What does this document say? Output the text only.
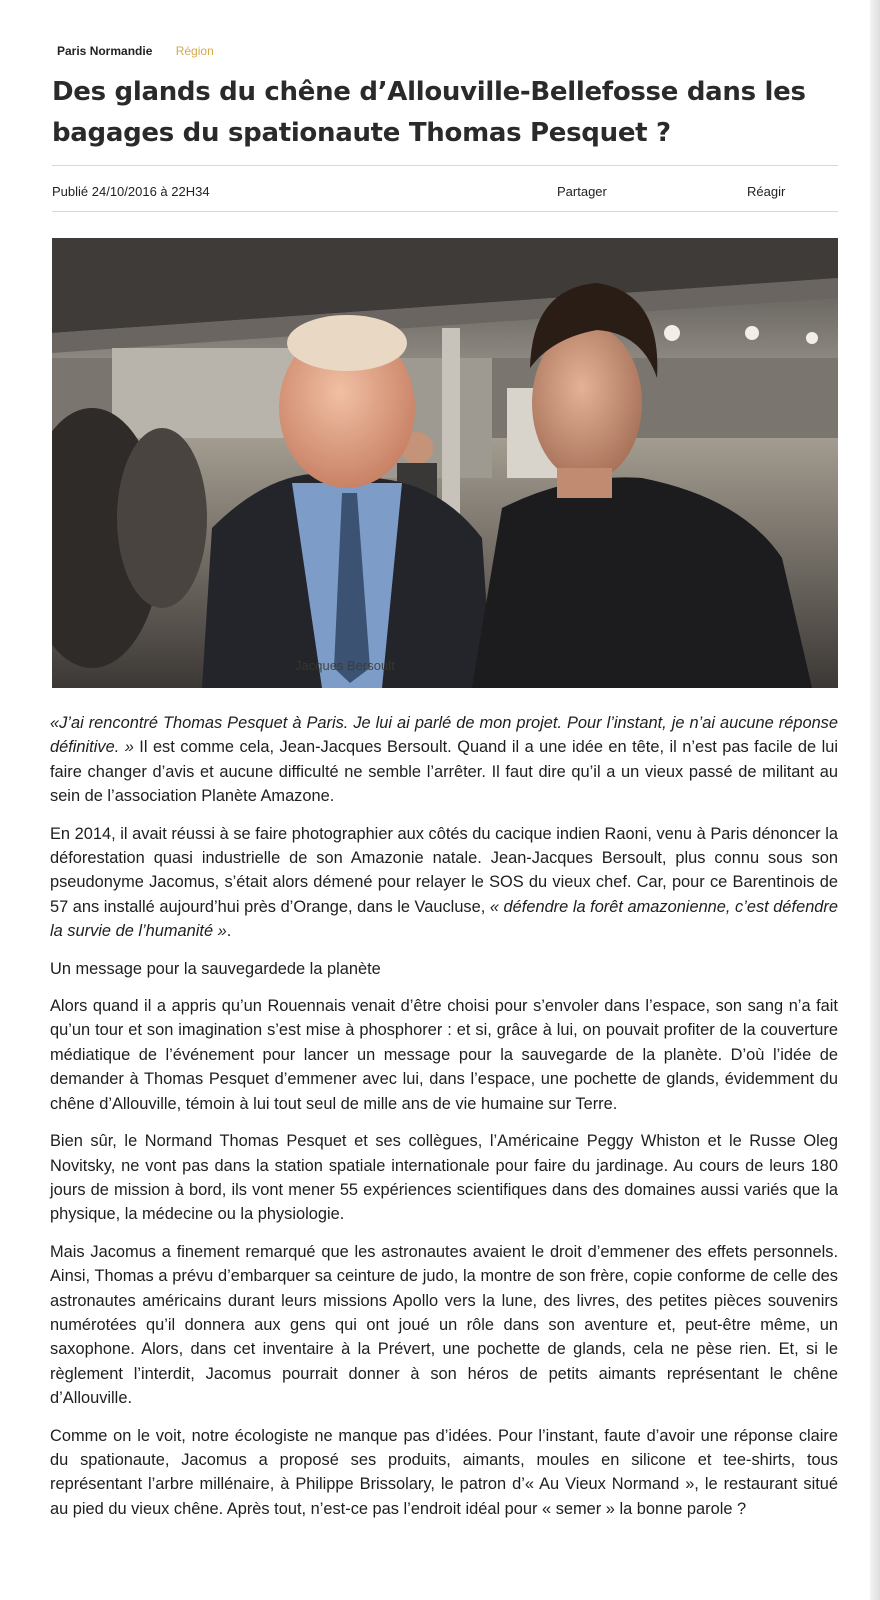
Paris Normandie Région
Des glands du chêne d’Allouville-Bellefosse dans les bagages du spationaute Thomas Pesquet ?
Publié 24/10/2016 à 22H34	Partager	Réagir
Jacques Bersoult

«J’ai rencontré Thomas Pesquet à Paris. Je lui ai parlé de mon projet. Pour l’instant, je n’ai aucune réponse définitive. » Il est comme cela, Jean-Jacques Bersoult. Quand il a une idée en tête, il n’est pas facile de lui faire changer d’avis et aucune difficulté ne semble l’arrêter. Il faut dire qu’il a un vieux passé de militant au sein de l’association Planète Amazone.

En 2014, il avait réussi à se faire photographier aux côtés du cacique indien Raoni, venu à Paris dénoncer la déforestation quasi industrielle de son Amazonie natale. Jean-Jacques Bersoult, plus connu sous son pseudonyme Jacomus, s’était alors démené pour relayer le SOS du vieux chef. Car, pour ce Barentinois de 57 ans installé aujourd’hui près d’Orange, dans le Vaucluse, « défendre la forêt amazonienne, c’est défendre la survie de l’humanité ».

Un message pour la sauvegardede la planète

Alors quand il a appris qu’un Rouennais venait d’être choisi pour s’envoler dans l’espace, son sang n’a fait qu’un tour et son imagination s’est mise à phosphorer : et si, grâce à lui, on pouvait profiter de la couverture médiatique de l’événement pour lancer un message pour la sauvegarde de la planète. D’où l’idée de demander à Thomas Pesquet d’emmener avec lui, dans l’espace, une pochette de glands, évidemment du chêne d’Allouville, témoin à lui tout seul de mille ans de vie humaine sur Terre.

Bien sûr, le Normand Thomas Pesquet et ses collègues, l’Américaine Peggy Whiston et le Russe Oleg Novitsky, ne vont pas dans la station spatiale internationale pour faire du jardinage. Au cours de leurs 180 jours de mission à bord, ils vont mener 55 expériences scientifiques dans des domaines aussi variés que la physique, la médecine ou la physiologie.

Mais Jacomus a finement remarqué que les astronautes avaient le droit d’emmener des effets personnels. Ainsi, Thomas a prévu d’embarquer sa ceinture de judo, la montre de son frère, copie conforme de celle des astronautes américains durant leurs missions Apollo vers la lune, des livres, des petites pièces souvenirs numérotées qu’il donnera aux gens qui ont joué un rôle dans son aventure et, peut-être même, un saxophone. Alors, dans cet inventaire à la Prévert, une pochette de glands, cela ne pèse rien. Et, si le règlement l’interdit, Jacomus pourrait donner à son héros de petits aimants représentant le chêne d’Allouville.

Comme on le voit, notre écologiste ne manque pas d’idées. Pour l’instant, faute d’avoir une réponse claire du spationaute, Jacomus a proposé ses produits, aimants, moules en silicone et tee-shirts, tous représentant l’arbre millénaire, à Philippe Brissolary, le patron d’« Au Vieux Normand », le restaurant situé au pied du vieux chêne. Après tout, n’est-ce pas l’endroit idéal pour « semer » la bonne parole ?
